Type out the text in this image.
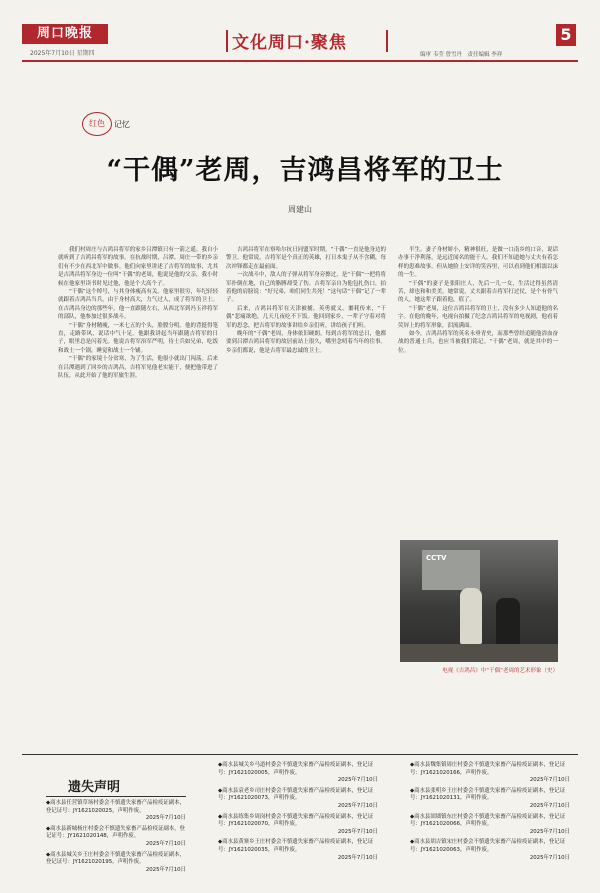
周口晚报
2025年7月10日 星期四
文化周口·聚焦
编审 韦莹 曾雪丹　责任编辑 李祥
5
红色	记忆
“干偶”老周，吉鸿昌将军的卫士
周建山

我们村周庄与吉鸿昌将军的家乡吕潭镇只有一箭之遥。我自小就听到了吉鸿昌将军的故事。在抗战时期，吕潭、周庄一带的乡亲们有不少在西北军中做事。他们向家里讲述了吉将军的故事，尤其是吉鸿昌将军身边一位叫“干偶”的老周，他说是他的父亲，我小时候在他家里读书时见过他，他是个大高个子。

“干偶”这个绰号，与其身体瘦高有关。他家里很穷，年纪轻轻就跟着吉鸿昌当兵，由于身材高大，力气过人，成了将军的卫士。在吉鸿昌身边的那些年，他一直跟随左右，从西北军到冯玉祥将军的部队，他参加过很多战斗。

“干偶”身材精瘦，一米七五的个头，脸膛分明。他的背挺得笔直，走路带风，说话中气十足。他跟我讲起当年跟随吉将军的日子，眼里总是闪着光。他说吉将军治军严明，待士兵如兄弟，吃饭和战士一个锅，睡觉和战士一个铺。

“干偶”的家境十分贫寒，为了生活，他很小就出门闯荡。后来在吕潭遇到了回乡的吉鸿昌，吉将军见他老实能干，便把他带进了队伍，从此开始了他的军旅生涯。

吉鸿昌将军在察哈尔抗日同盟军时期，“干偶”一直是他身边的警卫。他常说，吉将军是个真正的英雄，打日本鬼子从不含糊，每次冲锋都走在最前面。

一次战斗中，敌人的子弹从将军身旁擦过，是“干偶”一把将将军扑倒在地，自己的胳膊却受了伤。吉将军亲自为他包扎伤口，拍着他的肩膀说：“好兄弟，咱们同生共死！”这句话“干偶”记了一辈子。

后来，吉鸿昌将军在天津被捕，英勇就义。噩耗传来，“干偶”悲痛欲绝，几天几夜吃不下饭。他回到家乡，一辈子守着对将军的思念，把吉将军的故事讲给乡亲们听，讲给孩子们听。

晚年的“干偶”老周，身体依旧硬朗。每到吉将军的忌日，他都要到吕潭吉鸿昌将军的故居前站上很久，嘴里念叨着当年的往事。乡亲们都说，他是吉将军最忠诚的卫士。

半生。妻子身材娇小，精神很旺，是做一口南乡的口音，说话办事干净利落，是远近闻名的能干人。我们不知道她与丈夫有着怎样的患难故事，但从她脸上安详的笑容里，可以看到他们相濡以沫的一生。

“干偶”的妻子是张阳庄人，先后一儿一女，生活过得虽然清苦，却也和和美美。她常说，丈夫跟着吉将军打过仗，是个有骨气的人，她这辈子跟着他，值了。

“干偶”老周，这位吉鸿昌将军的卫士，没有多少人知道他的名字。在他的晚年，电视台拍摄了纪念吉鸿昌将军的电视剧，他看着荧屏上的将军形象，泪流满面。

如今，吉鸿昌将军的英名永垂青史，而那些曾经追随他浴血奋战的普通士兵，也应当被我们铭记。“干偶”老周，就是其中的一位。

CCTV
电视《吉鸿昌》中“干偶”老周的艺术形象（史）
遗失声明
◆商水县任营镇草场村委会不慎遗失家畜产品检疫证副本，登记证号：JY1621020025，声明作废。
2025年7月10日
◆商水县新城杨庄村委会不慎遗失家畜产品检疫证副本，登记证号：JY1621020148，声明作废。
2025年7月10日
◆商水县城关乡王庄村委会不慎遗失家畜产品检疫证副本，登记证号：JY1621020195，声明作废。
2025年7月10日
◆商水县城关乡马道村委会不慎遗失家畜产品检疫证副本，登记证号：JY1621020005，声明作废。
2025年7月10日
◆商水县袁老乡司庄村委会不慎遗失家畜产品检疫证副本，登记证号：JY1621020073，声明作废。
2025年7月10日
◆商水县练集乡周岗村委会不慎遗失家畜产品检疫证副本，登记证号：JY1621020070，声明作废。
2025年7月10日
◆商水县黄寨乡王庄村委会不慎遗失家畜产品检疫证副本，登记证号：JY1621020035，声明作废。
2025年7月10日
◆商水县魏集镇周庄村委会不慎遗失家畜产品检疫证副本，登记证号：JY1621020166，声明作废。
2025年7月10日
◆商水县张明乡王庄村委会不慎遗失家畜产品检疫证副本，登记证号：JY1621020131，声明作废。
2025年7月10日
◆商水县固墙镇东庄村委会不慎遗失家畜产品检疫证副本，登记证号：JY1621020066，声明作废。
2025年7月10日
◆商水县胡吉镇宋庄村委会不慎遗失家畜产品检疫证副本，登记证号：JY1621020063，声明作废。
2025年7月10日
